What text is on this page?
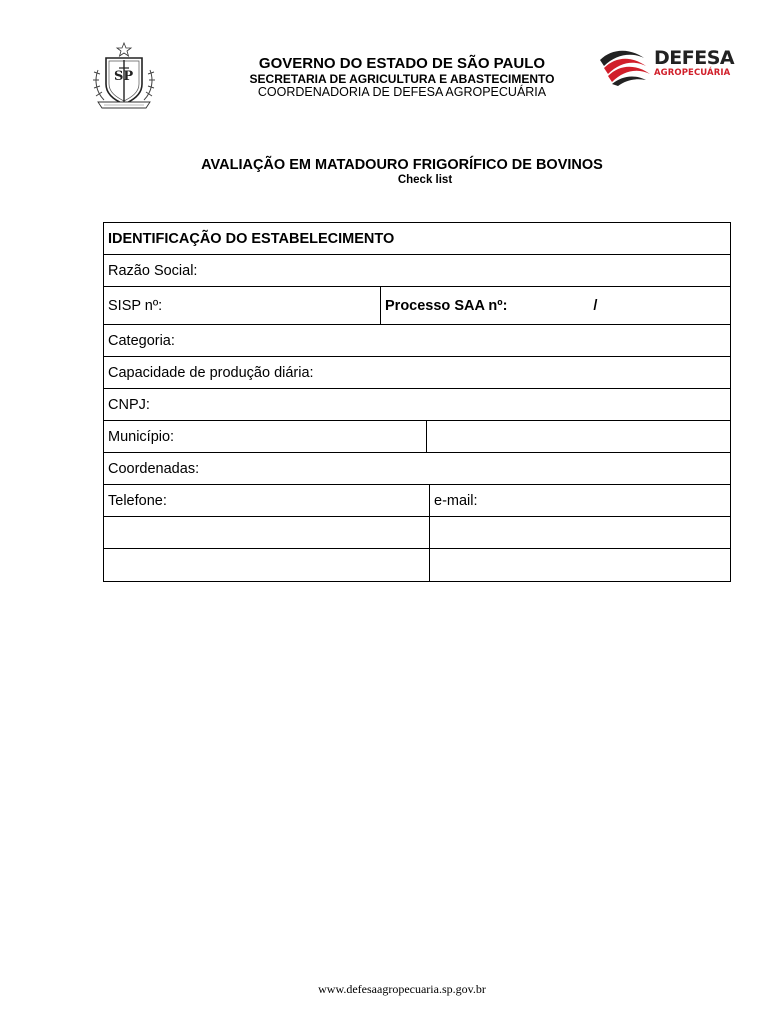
SP
GOVERNO DO ESTADO DE SÃO PAULO
SECRETARIA DE AGRICULTURA E ABASTECIMENTO
COORDENADORIA DE DEFESA AGROPECUÁRIA
DEFESA
AGROPECUÁRIA
AVALIAÇÃO EM MATADOURO FRIGORÍFICO DE BOVINOS
Check list
IDENTIFICAÇÃO DO ESTABELECIMENTO
Razão Social:
SISP nº:	Processo SAA nº:	/
Categoria:
Capacidade de produção diária:
CNPJ:
Município:
Coordenadas:
Telefone:	e-mail:
www.defesaagropecuaria.sp.gov.br
